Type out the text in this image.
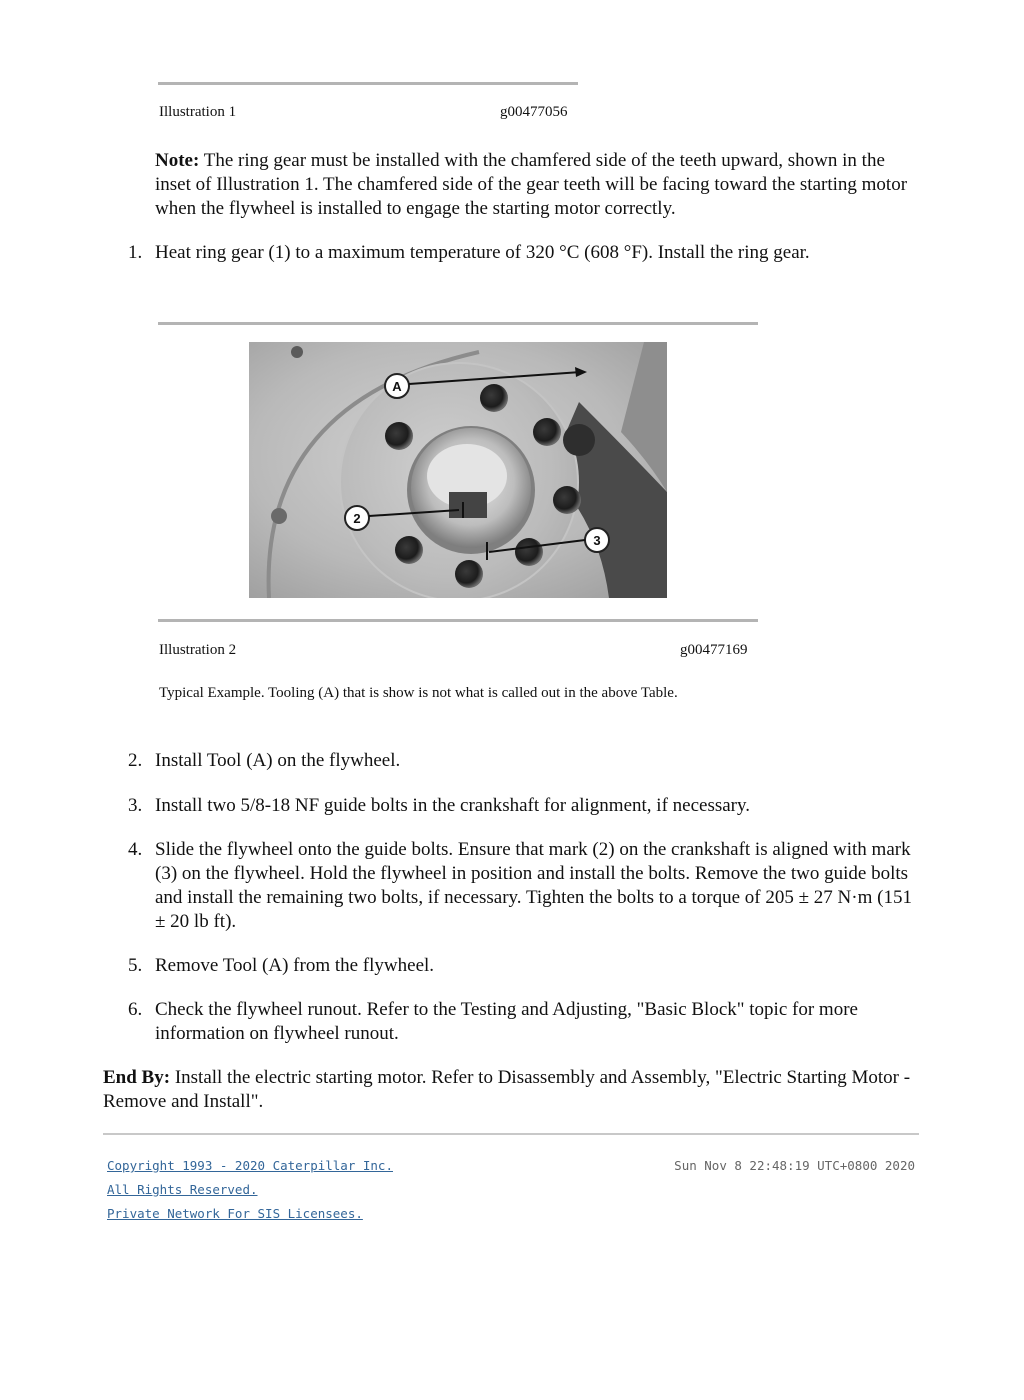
Illustration 1	g00477056
Note: The ring gear must be installed with the chamfered side of the teeth upward, shown in the inset of Illustration 1. The chamfered side of the gear teeth will be facing toward the starting motor when the flywheel is installed to engage the starting motor correctly.
1. Heat ring gear (1) to a maximum temperature of 320 °C (608 °F). Install the ring gear.
A
2
3
Illustration 2	g00477169
Typical Example. Tooling (A) that is show is not what is called out in the above Table.
2. Install Tool (A) on the flywheel.
3. Install two 5/8-18 NF guide bolts in the crankshaft for alignment, if necessary.
4. Slide the flywheel onto the guide bolts. Ensure that mark (2) on the crankshaft is aligned with mark (3) on the flywheel. Hold the flywheel in position and install the bolts. Remove the two guide bolts and install the remaining two bolts, if necessary. Tighten the bolts to a torque of 205 ± 27 N·m (151 ± 20 lb ft).
5. Remove Tool (A) from the flywheel.
6. Check the flywheel runout. Refer to the Testing and Adjusting, "Basic Block" topic for more information on flywheel runout.
End By: Install the electric starting motor. Refer to Disassembly and Assembly, "Electric Starting Motor - Remove and Install".
Copyright 1993 - 2020 Caterpillar Inc.
All Rights Reserved.
Private Network For SIS Licensees.
Sun Nov 8 22:48:19 UTC+0800 2020
